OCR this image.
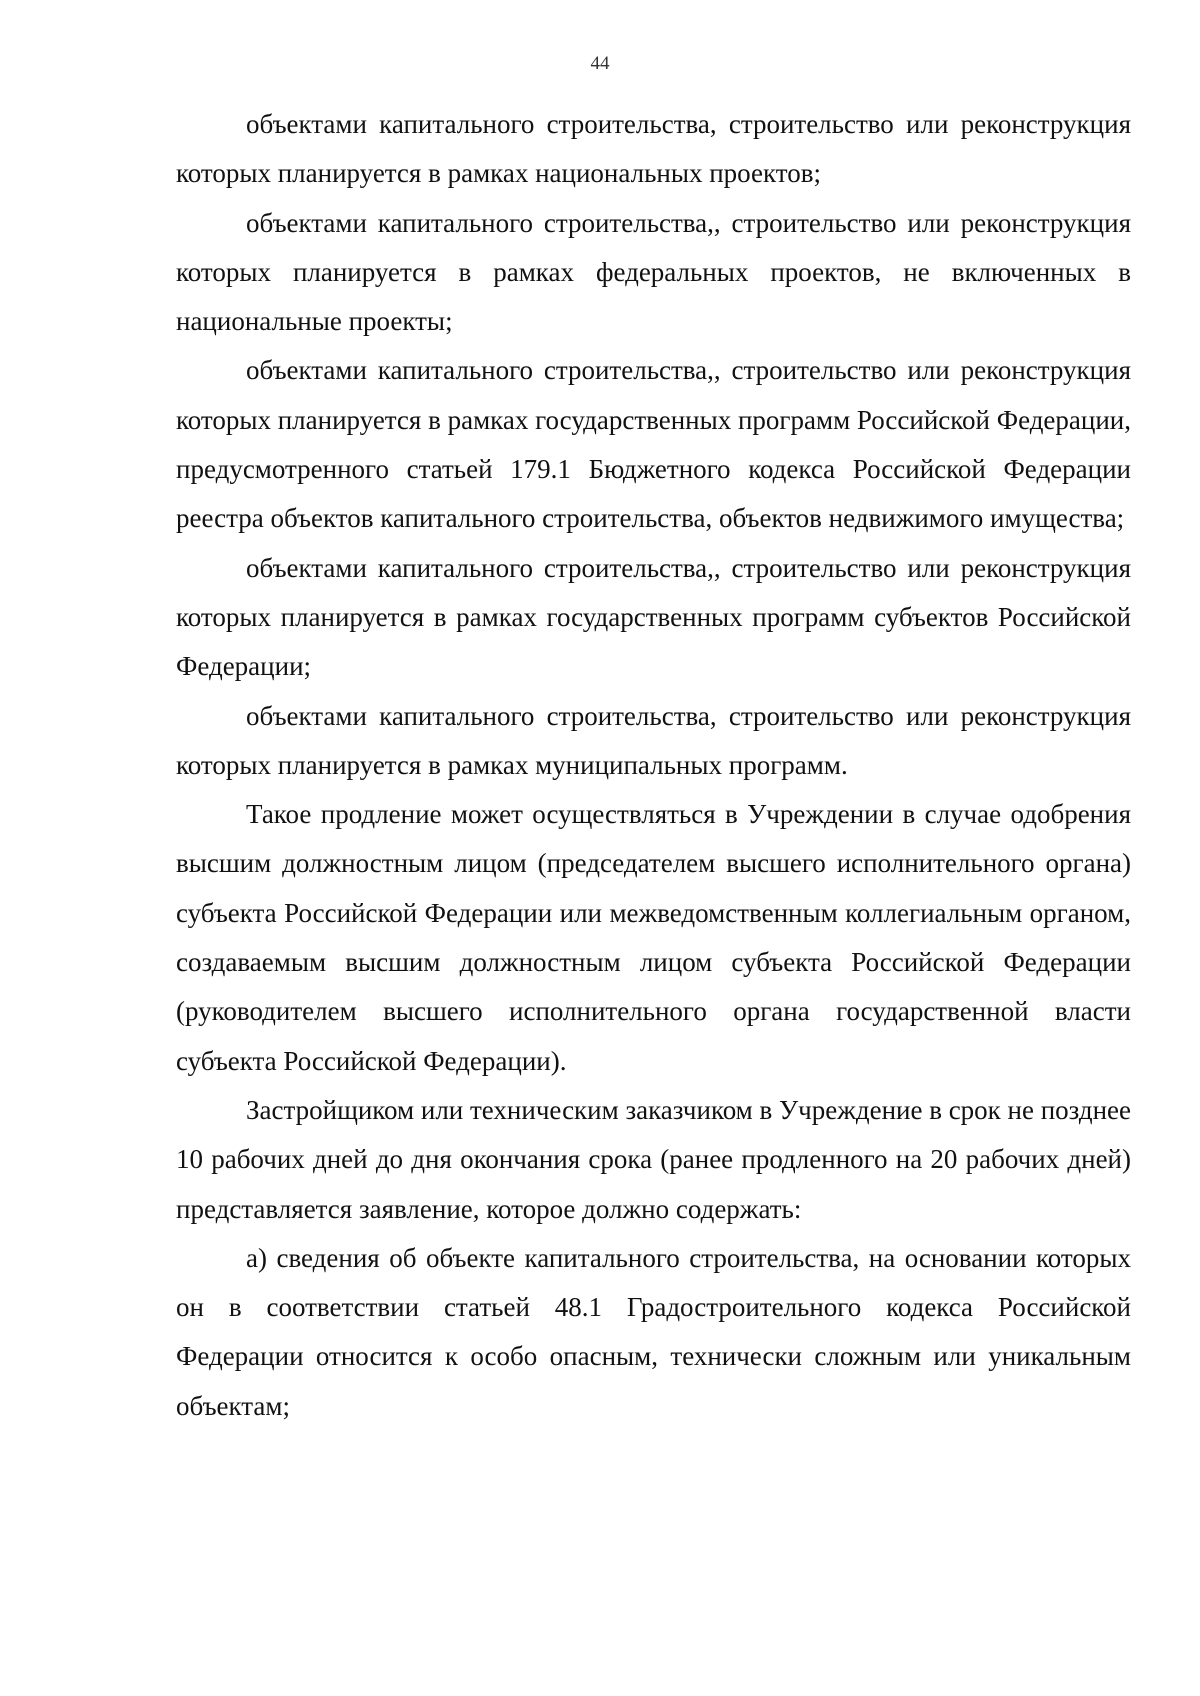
44

объектами капитального строительства, строительство или реконструкция которых планируется в рамках национальных проектов;

объектами капитального строительства,, строительство или реконструкция которых планируется в рамках федеральных проектов, не включенных в национальные проекты;

объектами капитального строительства,, строительство или реконструкция которых планируется в рамках государственных программ Российской Федерации, предусмотренного статьей 179.1 Бюджетного кодекса Российской Федерации реестра объектов капитального строительства, объектов недвижимого имущества;

объектами капитального строительства,, строительство или реконструкция которых планируется в рамках государственных программ субъектов Российской Федерации;

объектами капитального строительства, строительство или реконструкция которых планируется в рамках муниципальных программ.

Такое продление может осуществляться в Учреждении в случае одобрения высшим должностным лицом (председателем высшего исполнительного органа) субъекта Российской Федерации или межведомственным коллегиальным органом, создаваемым высшим должностным лицом субъекта Российской Федерации (руководителем высшего исполнительного органа государственной власти субъекта Российской Федерации).

Застройщиком или техническим заказчиком в Учреждение в срок не позднее 10 рабочих дней до дня окончания срока (ранее продленного на 20 рабочих дней) представляется заявление, которое должно содержать:

а) сведения об объекте капитального строительства, на основании которых он в соответствии статьей 48.1 Градостроительного кодекса Российской Федерации относится к особо опасным, технически сложным или уникальным объектам;
